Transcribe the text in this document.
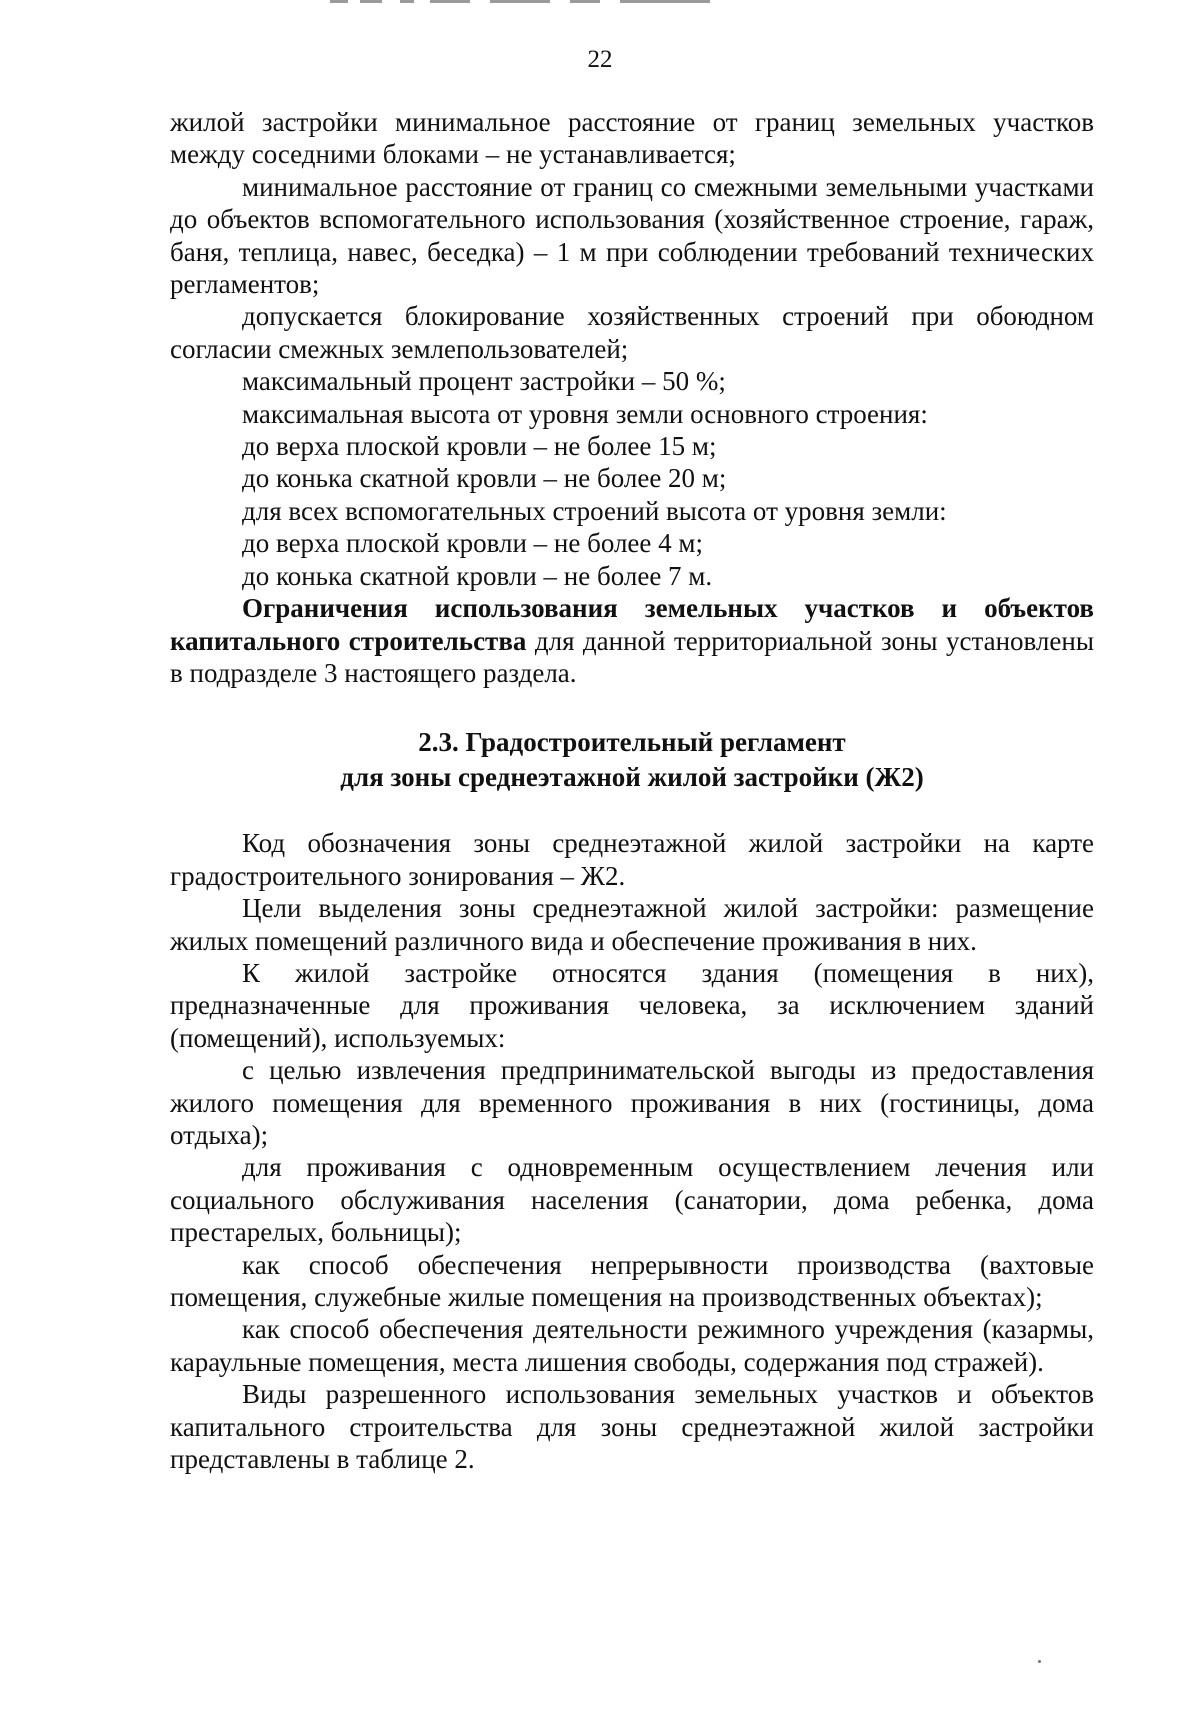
22

жилой застройки минимальное расстояние от границ земельных участков между соседними блоками – не устанавливается;

минимальное расстояние от границ со смежными земельными участками до объектов вспомогательного использования (хозяйственное строение, гараж, баня, теплица, навес, беседка) – 1 м при соблюдении требований технических регламентов;

допускается блокирование хозяйственных строений при обоюдном согласии смежных землепользователей;

максимальный процент застройки – 50 %;

максимальная высота от уровня земли основного строения:

до верха плоской кровли – не более 15 м;

до конька скатной кровли – не более 20 м;

для всех вспомогательных строений высота от уровня земли:

до верха плоской кровли – не более 4 м;

до конька скатной кровли – не более 7 м.

Ограничения использования земельных участков и объектов капитального строительства для данной территориальной зоны установлены в подразделе 3 настоящего раздела.

2.3. Градостроительный регламент

для зоны среднеэтажной жилой застройки (Ж2)

Код обозначения зоны среднеэтажной жилой застройки на карте градостроительного зонирования – Ж2.

Цели выделения зоны среднеэтажной жилой застройки: размещение жилых помещений различного вида и обеспечение проживания в них.

К жилой застройке относятся здания (помещения в них), предназначенные для проживания человека, за исключением зданий (помещений), используемых:

с целью извлечения предпринимательской выгоды из предоставления жилого помещения для временного проживания в них (гостиницы, дома отдыха);

для проживания с одновременным осуществлением лечения или социального обслуживания населения (санатории, дома ребенка, дома престарелых, больницы);

как способ обеспечения непрерывности производства (вахтовые помещения, служебные жилые помещения на производственных объектах);

как способ обеспечения деятельности режимного учреждения (казармы, караульные помещения, места лишения свободы, содержания под стражей).

Виды разрешенного использования земельных участков и объектов капитального строительства для зоны среднеэтажной жилой застройки представлены в таблице 2.
